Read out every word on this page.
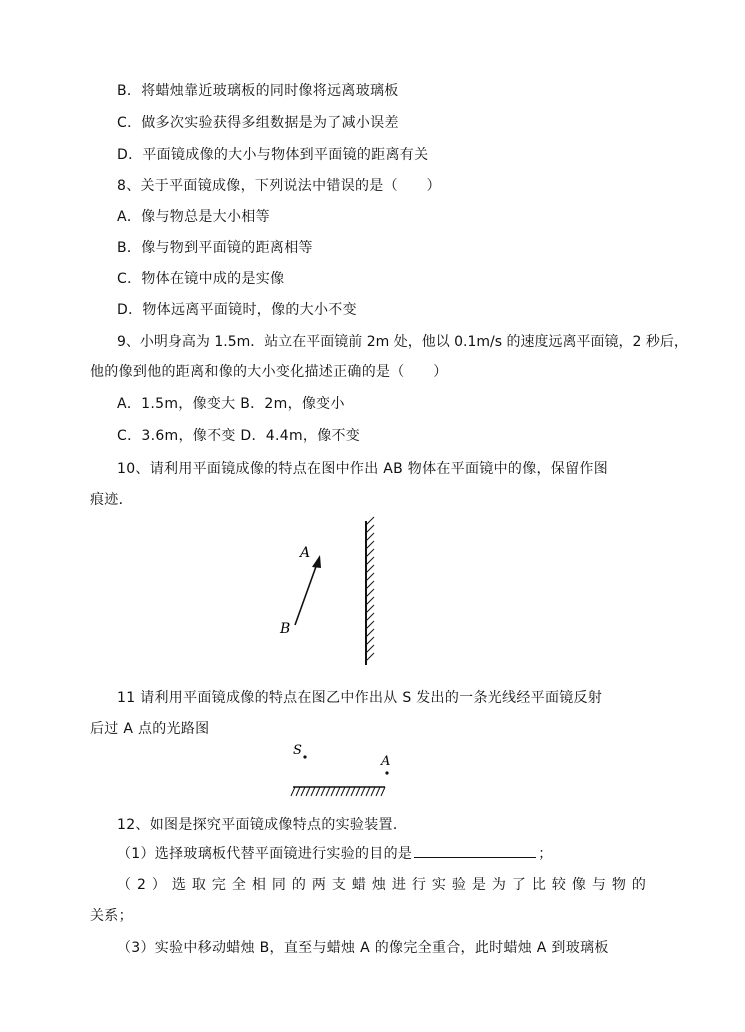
B．将蜡烛靠近玻璃板的同时像将远离玻璃板
C．做多次实验获得多组数据是为了减小误差
D．平面镜成像的大小与物体到平面镜的距离有关
8、关于平面镜成像，下列说法中错误的是（　　）
A．像与物总是大小相等
B．像与物到平面镜的距离相等
C．物体在镜中成的是实像
D．物体远离平面镜时，像的大小不变
9、小明身高为 1.5m．站立在平面镜前 2m 处，他以 0.1m/s 的速度远离平面镜，2 秒后，
他的像到他的距离和像的大小变化描述正确的是（　　）
A．1.5m，像变大 B．2m，像变小
C．3.6m，像不变 D．4.4m，像不变
10、请利用平面镜成像的特点在图中作出 AB 物体在平面镜中的像，保留作图
痕迹．
A
B
11 请利用平面镜成像的特点在图乙中作出从 S 发出的一条光线经平面镜反射
后过 A 点的光路图
S
A
12、如图是探究平面镜成像特点的实验装置．
（1）选择玻璃板代替平面镜进行实验的目的是	；
（2）选取完全相同的两支蜡烛进行实验是为了比较像与物的
关系；
（3）实验中移动蜡烛 B，直至与蜡烛 A 的像完全重合，此时蜡烛 A 到玻璃板
